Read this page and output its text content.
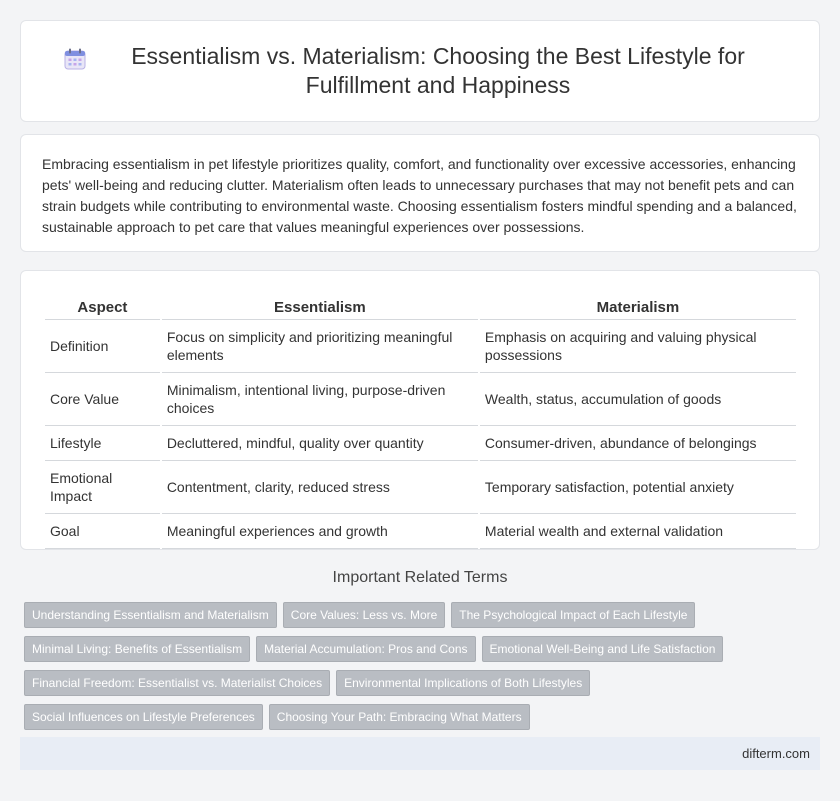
Essentialism vs. Materialism: Choosing the Best Lifestyle for Fulfillment and Happiness

Embracing essentialism in pet lifestyle prioritizes quality, comfort, and functionality over excessive accessories, enhancing pets' well-being and reducing clutter. Materialism often leads to unnecessary purchases that may not benefit pets and can strain budgets while contributing to environmental waste. Choosing essentialism fosters mindful spending and a balanced, sustainable approach to pet care that values meaningful experiences over possessions.

Aspect	Essentialism	Materialism
Definition	Focus on simplicity and prioritizing meaningful elements	Emphasis on acquiring and valuing physical possessions
Core Value	Minimalism, intentional living, purpose-driven choices	Wealth, status, accumulation of goods
Lifestyle	Decluttered, mindful, quality over quantity	Consumer-driven, abundance of belongings
Emotional Impact	Contentment, clarity, reduced stress	Temporary satisfaction, potential anxiety
Goal	Meaningful experiences and growth	Material wealth and external validation
Important Related Terms
Understanding Essentialism and Materialism	Core Values: Less vs. More	The Psychological Impact of Each Lifestyle
Minimal Living: Benefits of Essentialism	Material Accumulation: Pros and Cons	Emotional Well-Being and Life Satisfaction
Financial Freedom: Essentialist vs. Materialist Choices	Environmental Implications of Both Lifestyles
Social Influences on Lifestyle Preferences	Choosing Your Path: Embracing What Matters
difterm.com
